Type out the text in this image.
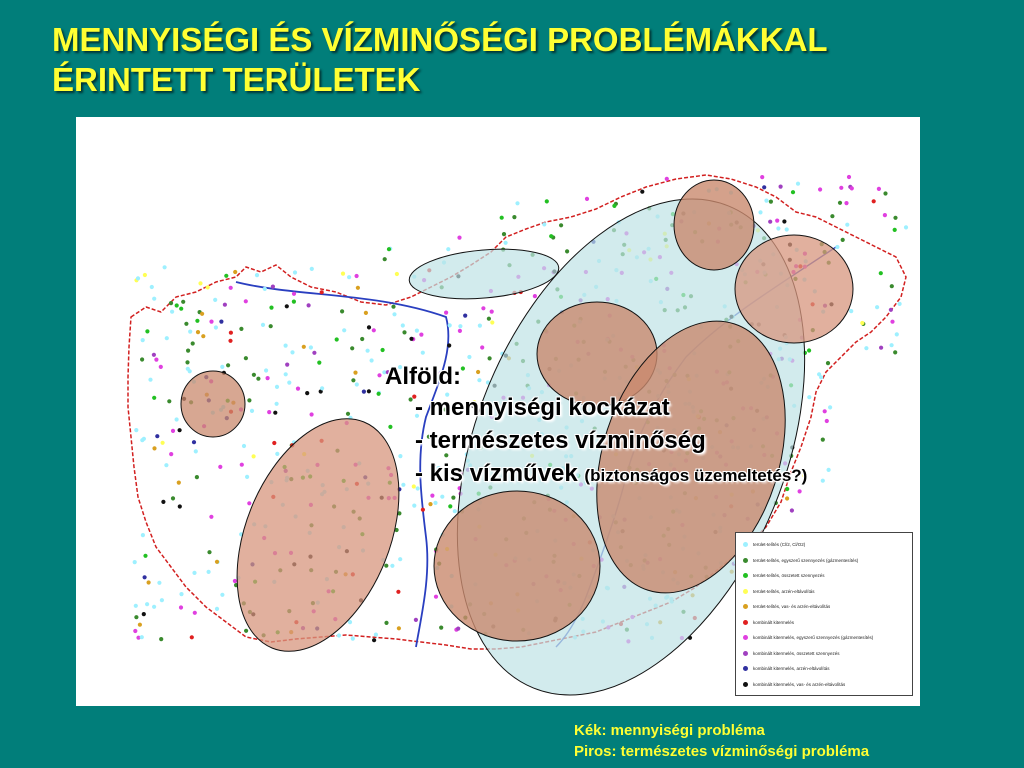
MENNYISÉGI ÉS VÍZMINŐSÉGI PROBLÉMÁKKAL
ÉRINTETT TERÜLETEK
Alföld:
- mennyiségi kockázat
- természetes vízminőség
- kis vízművek (biztonságos üzemeltetés?)
terület-telítés (Cl/2, Cl/O2)
terület-telítés, egyszerű szennyezés (gázmentesítés)
terület-telítés, összetett szennyezés
terület-telítés, arzén-eltávolítás
terület-telítés, vas- és arzén-eltávolítás
kombinált kitermelés
kombinált kitermelés, egyszerű szennyezés (gázmentesítés)
kombinált kitermelés, összetett szennyezés
kombinált kitermelés, arzén-eltávolítás
kombinált kitermelés, vas- és arzén-eltávolítás
Kék: mennyiségi probléma
Piros: természetes vízminőségi probléma
